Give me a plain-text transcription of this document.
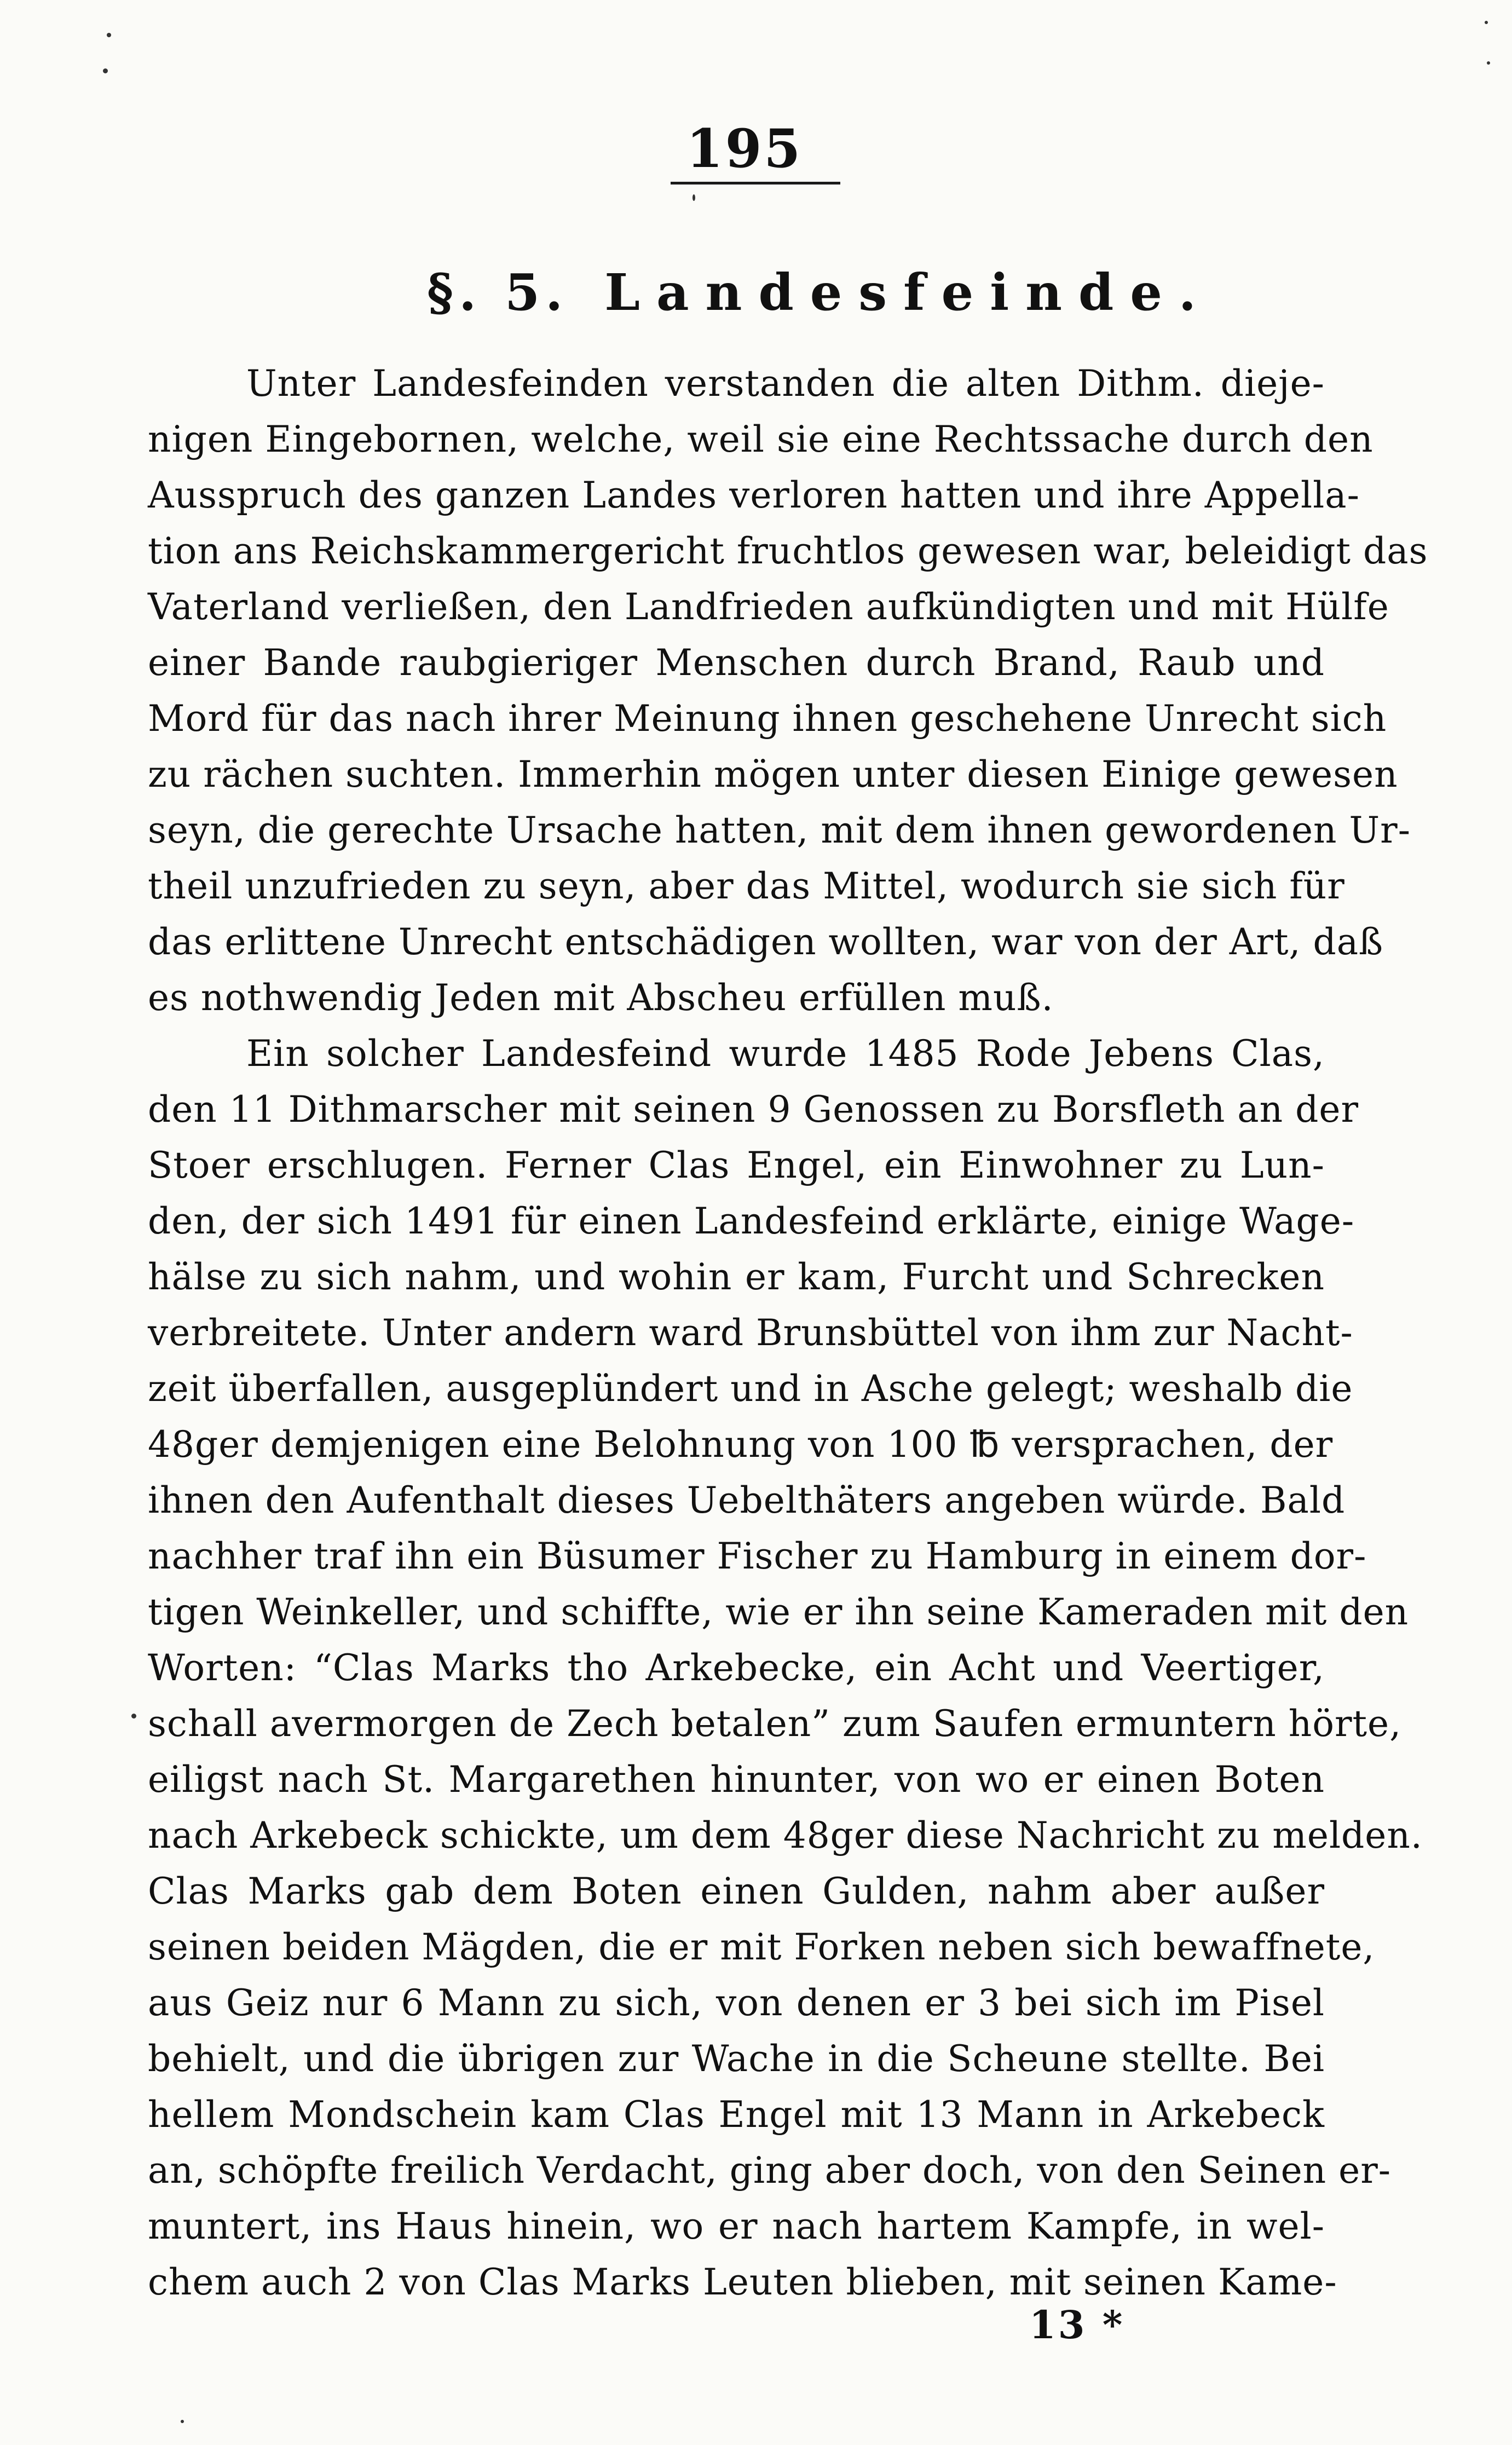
195
§. 5. Landesfeinde.
Unter Landesfeinden verstanden die alten Dithm. dieje-
nigen Eingebornen, welche, weil sie eine Rechtssache durch den
Ausspruch des ganzen Landes verloren hatten und ihre Appella-
tion ans Reichskammergericht fruchtlos gewesen war, beleidigt das
Vaterland verließen, den Landfrieden aufkündigten und mit Hülfe
einer Bande raubgieriger Menschen durch Brand, Raub und
Mord für das nach ihrer Meinung ihnen geschehene Unrecht sich
zu rächen suchten. Immerhin mögen unter diesen Einige gewesen
seyn, die gerechte Ursache hatten, mit dem ihnen gewordenen Ur-
theil unzufrieden zu seyn, aber das Mittel, wodurch sie sich für
das erlittene Unrecht entschädigen wollten, war von der Art, daß
es nothwendig Jeden mit Abscheu erfüllen muß.
Ein solcher Landesfeind wurde 1485 Rode Jebens Clas,
den 11 Dithmarscher mit seinen 9 Genossen zu Borsfleth an der
Stoer erschlugen. Ferner Clas Engel, ein Einwohner zu Lun-
den, der sich 1491 für einen Landesfeind erklärte, einige Wage-
hälse zu sich nahm, und wohin er kam, Furcht und Schrecken
verbreitete. Unter andern ward Brunsbüttel von ihm zur Nacht-
zeit überfallen, ausgeplündert und in Asche gelegt; weshalb die
48ger demjenigen eine Belohnung von 100 ℔ versprachen, der
ihnen den Aufenthalt dieses Uebelthäters angeben würde. Bald
nachher traf ihn ein Büsumer Fischer zu Hamburg in einem dor-
tigen Weinkeller, und schiffte, wie er ihn seine Kameraden mit den
Worten: “Clas Marks tho Arkebecke, ein Acht und Veertiger,
schall avermorgen de Zech betalen” zum Saufen ermuntern hörte,
eiligst nach St. Margarethen hinunter, von wo er einen Boten
nach Arkebeck schickte, um dem 48ger diese Nachricht zu melden.
Clas Marks gab dem Boten einen Gulden, nahm aber außer
seinen beiden Mägden, die er mit Forken neben sich bewaffnete,
aus Geiz nur 6 Mann zu sich, von denen er 3 bei sich im Pisel
behielt, und die übrigen zur Wache in die Scheune stellte. Bei
hellem Mondschein kam Clas Engel mit 13 Mann in Arkebeck
an, schöpfte freilich Verdacht, ging aber doch, von den Seinen er-
muntert, ins Haus hinein, wo er nach hartem Kampfe, in wel-
chem auch 2 von Clas Marks Leuten blieben, mit seinen Kame-
13 *
